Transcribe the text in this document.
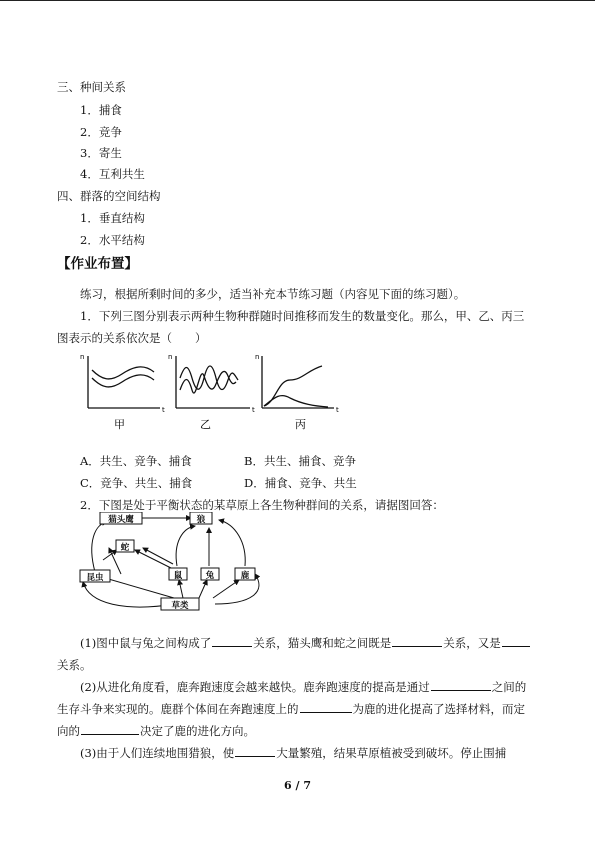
三、种间关系
1．捕食
2．竞争
3．寄生
4．互利共生
四、群落的空间结构
1．垂直结构
2．水平结构
【作业布置】
练习，根据所剩时间的多少，适当补充本节练习题（内容见下面的练习题）。
1．下列三图分别表示两种生物种群随时间推移而发生的数量变化。那么，甲、乙、丙三
图表示的关系依次是（　　）
n
t
n
t
n
t
甲	乙	丙
A．共生、竞争、捕食	B．共生、捕食、竞争
C．竞争、共生、捕食	D．捕食、竞争、共生
2．下图是处于平衡状态的某草原上各生物种群间的关系，请据图回答：
猫头鹰	狼
蛇
昆虫	鼠	兔	鹿
草类
(1)图中鼠与兔之间构成了	关系，猫头鹰和蛇之间既是	关系，又是
关系。
(2)从进化角度看，鹿奔跑速度会越来越快。鹿奔跑速度的提高是通过	之间的
生存斗争来实现的。鹿群个体间在奔跑速度上的	为鹿的进化提高了选择材料，而定
向的	决定了鹿的进化方向。
(3)由于人们连续地围猎狼，使	大量繁殖，结果草原植被受到破坏。停止围捕
6 / 7
